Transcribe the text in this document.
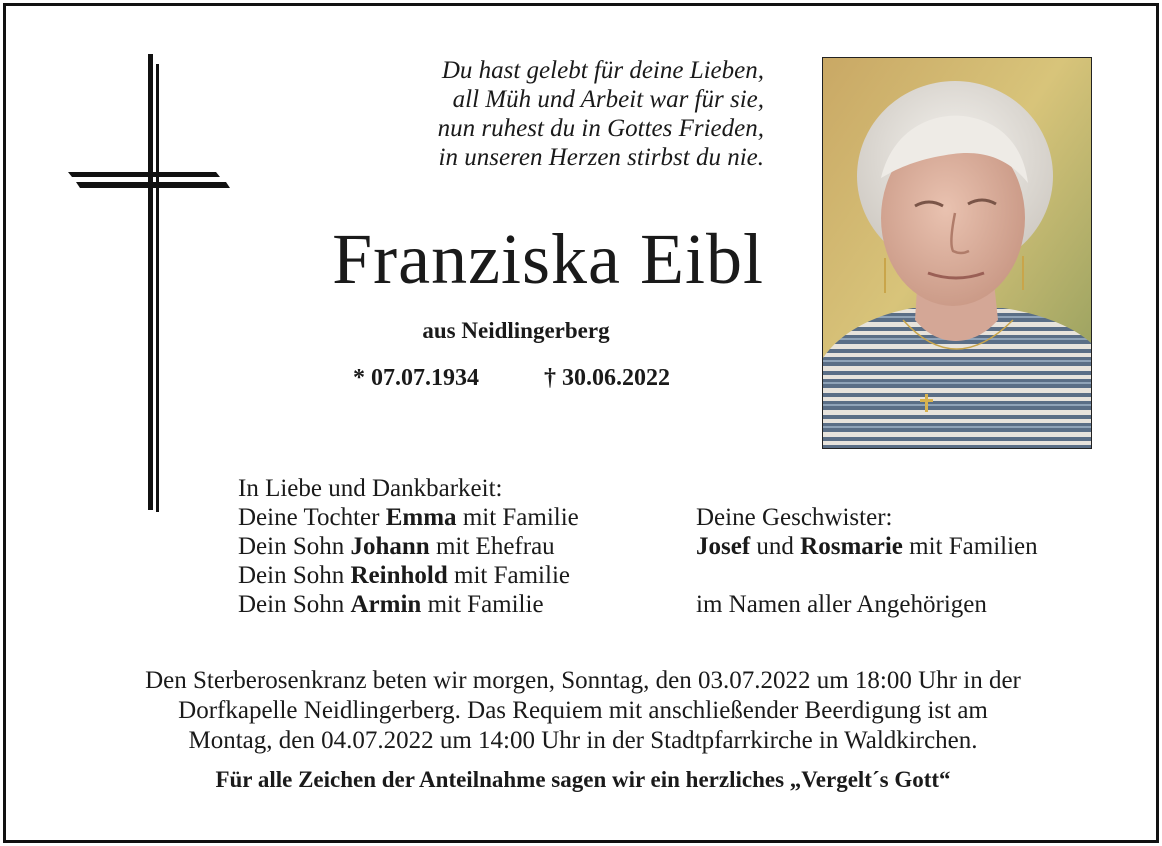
Du hast gelebt für deine Lieben,
all Müh und Arbeit war für sie,
nun ruhest du in Gottes Frieden,
in unseren Herzen stirbst du nie.
Franziska Eibl
aus Neidlingerberg
* 07.07.1934	† 30.06.2022
In Liebe und Dankbarkeit:
Deine Tochter Emma mit Familie
Dein Sohn Johann mit Ehefrau
Dein Sohn Reinhold mit Familie
Dein Sohn Armin mit Familie
Deine Geschwister:
Josef und Rosmarie mit Familien
im Namen aller Angehörigen
Den Sterberosenkranz beten wir morgen, Sonntag, den 03.07.2022 um 18:00 Uhr in der
Dorfkapelle Neidlingerberg. Das Requiem mit anschließender Beerdigung ist am
Montag, den 04.07.2022 um 14:00 Uhr in der Stadtpfarrkirche in Waldkirchen.
Für alle Zeichen der Anteilnahme sagen wir ein herzliches „Vergelt´s Gott“
